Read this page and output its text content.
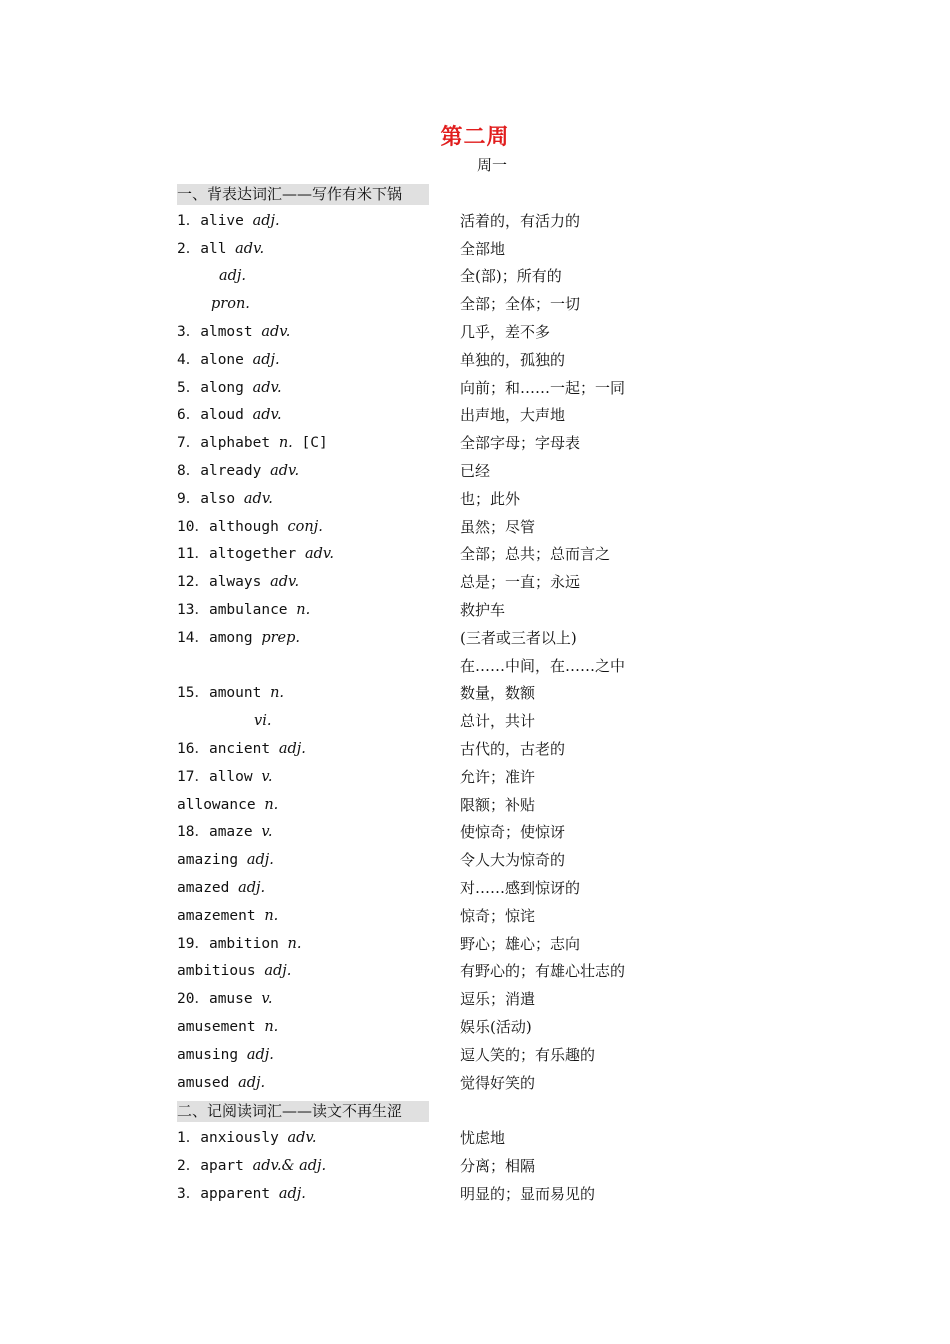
第二周
周一
一、背表达词汇——写作有米下锅
1．alive adj.	活着的，有活力的
2．all adv.	全部地
adj.	全(部)；所有的
pron.	全部；全体；一切
3．almost adv.	几乎，差不多
4．alone adj.	单独的，孤独的
5．along adv.	向前；和……一起；一同
6．aloud adv.	出声地，大声地
7．alphabet n. [C]	全部字母；字母表
8．already adv.	已经
9．also adv.	也；此外
10．although conj.	虽然；尽管
11．altogether adv.	全部；总共；总而言之
12．always adv.	总是；一直；永远
13．ambulance n.	救护车
14．among prep.	(三者或三者以上)
在……中间，在……之中
15．amount n.	数量，数额
vi.	总计，共计
16．ancient adj.	古代的，古老的
17．allow v.	允许；准许
allowance n.	限额；补贴
18．amaze v.	使惊奇；使惊讶
amazing adj.	令人大为惊奇的
amazed adj.	对……感到惊讶的
amazement n.	惊奇；惊诧
19．ambition n.	野心；雄心；志向
ambitious adj.	有野心的；有雄心壮志的
20．amuse v.	逗乐；消遣
amusement n.	娱乐(活动)
amusing adj.	逗人笑的；有乐趣的
amused adj.	觉得好笑的
二、记阅读词汇——读文不再生涩
1．anxiously adv.	忧虑地
2．apart adv.& adj.	分离；相隔
3．apparent adj.	明显的；显而易见的
